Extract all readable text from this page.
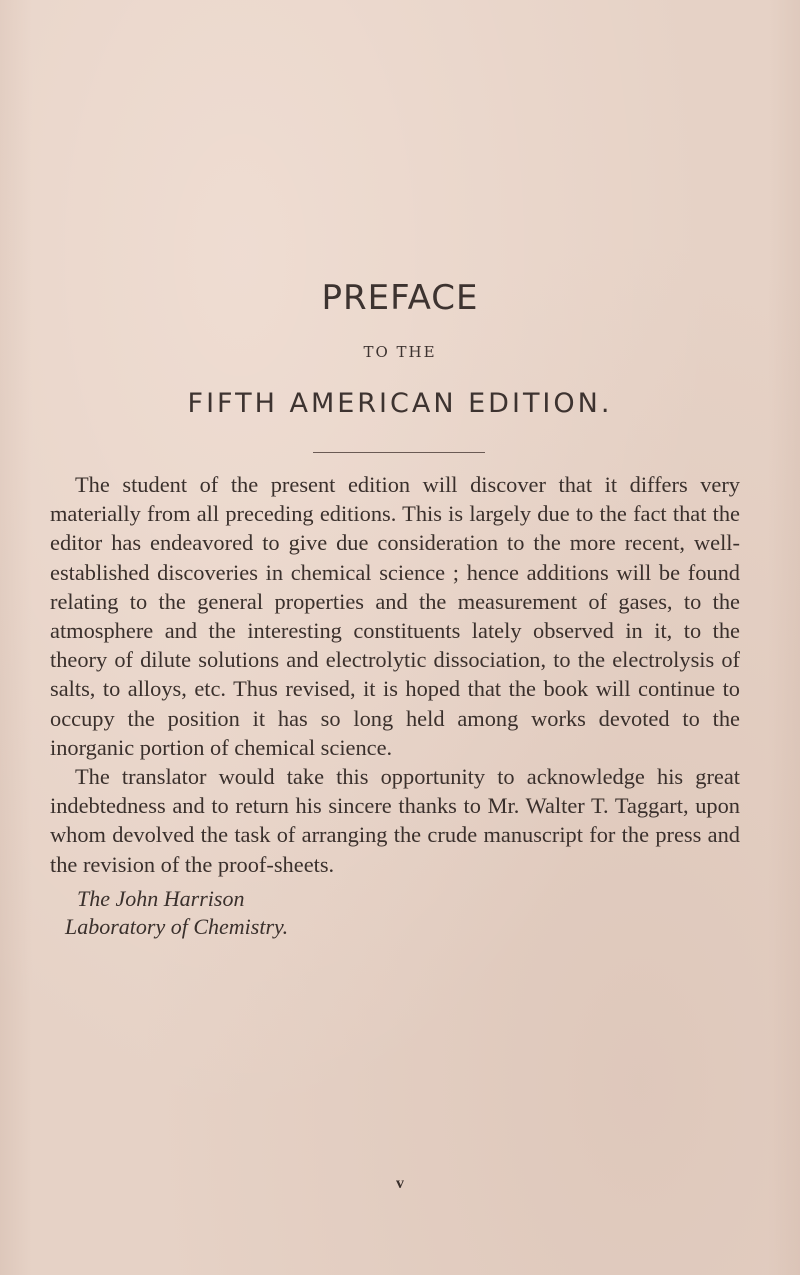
PREFACE
TO THE
FIFTH AMERICAN EDITION.

The student of the present edition will discover that it differs very materially from all preceding editions. This is largely due to the fact that the editor has endeavored to give due consideration to the more recent, well-established discoveries in chemical science ; hence additions will be found relating to the general properties and the measurement of gases, to the atmosphere and the interesting constituents lately observed in it, to the theory of dilute solutions and electrolytic dissociation, to the electrolysis of salts, to alloys, etc. Thus revised, it is hoped that the book will continue to occupy the position it has so long held among works devoted to the inorganic portion of chemical science.

The translator would take this opportunity to acknowledge his great indebtedness and to return his sincere thanks to Mr. Walter T. Taggart, upon whom devolved the task of arranging the crude manuscript for the press and the revision of the proof-sheets.

The John Harrison
Laboratory of Chemistry.
v
